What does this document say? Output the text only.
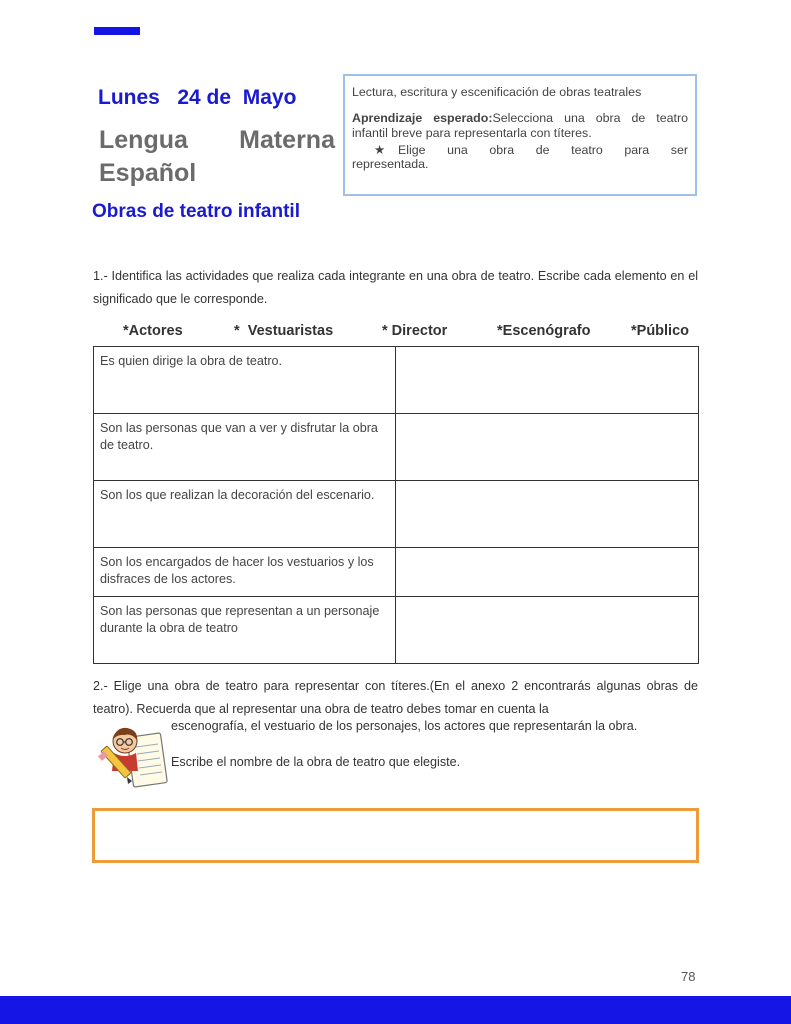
Lunes   24 de  Mayo
Lengua Materna
Español
Obras de teatro infantil

Lectura, escritura y escenificación de obras teatrales

Aprendizaje esperado:Selecciona una obra de teatro infantil breve para representarla con títeres.

★	Elige una obra de teatro para ser
representada.
1.- Identifica las actividades que realiza cada integrante en una obra de teatro. Escribe cada elemento en el significado que le corresponde.
*Actores	*  Vestuaristas	* Director	*Escenógrafo	*Público
Es quien dirige la obra de teatro.	
Son las personas que van a ver y disfrutar la obra de teatro.	
Son los que realizan la decoración del escenario.	
Son los encargados de hacer los vestuarios y los disfraces de los actores.	
Son las personas que representan a un personaje durante la obra de teatro	
2.- Elige una obra de teatro para representar con títeres.(En el anexo 2 encontrarás algunas obras de teatro). Recuerda que al representar una obra de teatro debes tomar en cuenta la
escenografía, el vestuario de los personajes, los actores que representarán la obra.
Escribe el nombre de la obra de teatro que elegiste.
78
